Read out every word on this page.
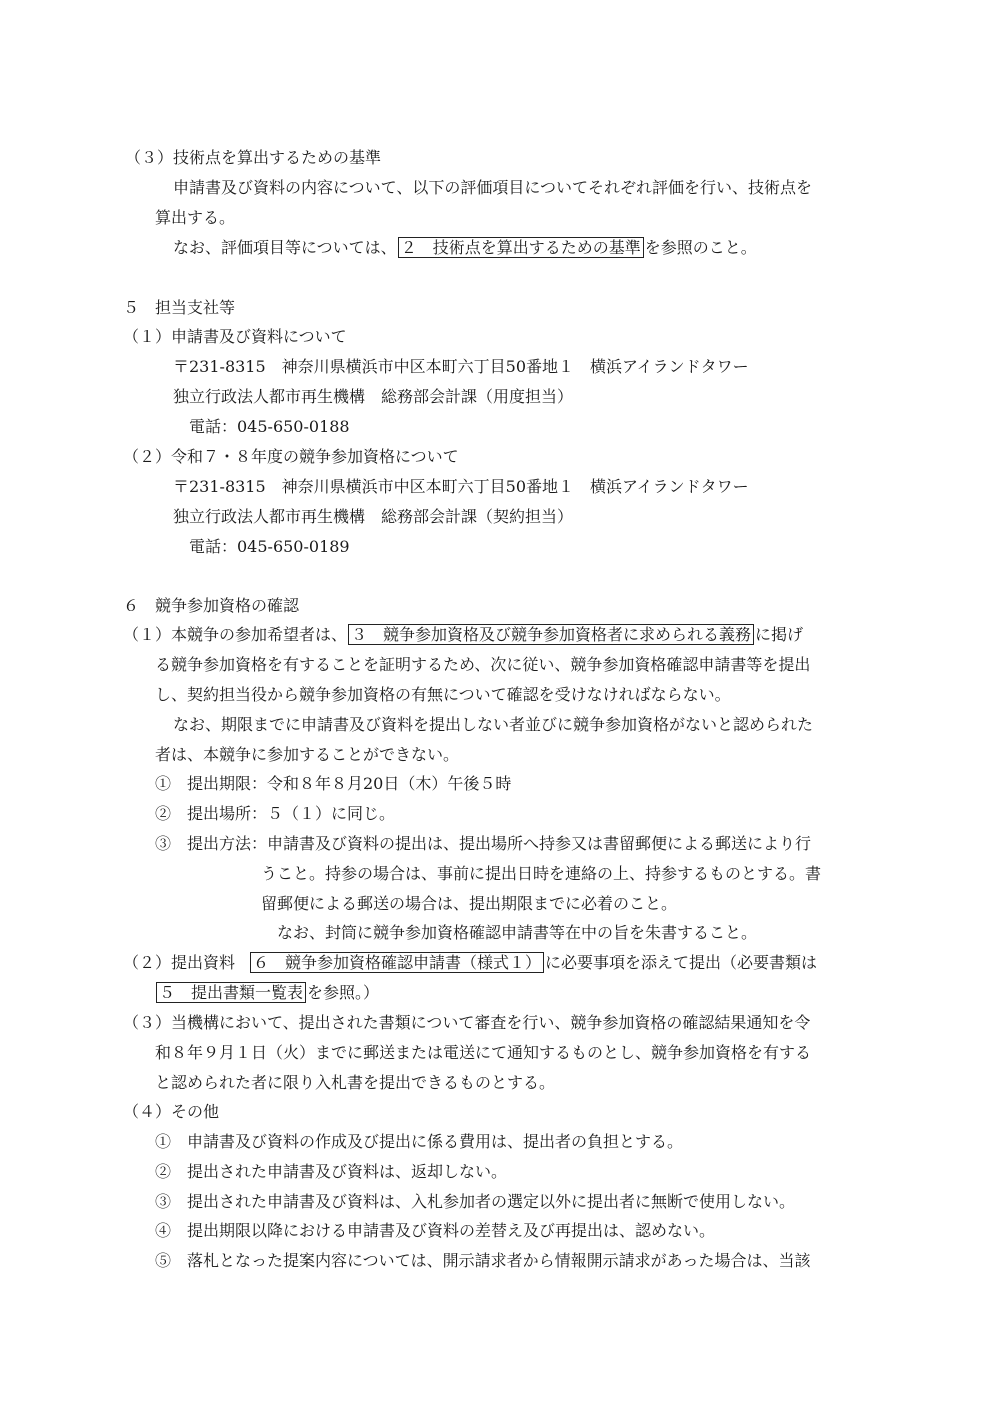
（３）技術点を算出するための基準
申請書及び資料の内容について、以下の評価項目についてそれぞれ評価を行い、技術点を
算出する。
なお、評価項目等については、 ２　技術点を算出するための基準 を参照のこと。
５　担当支社等
（１）申請書及び資料について
〒231-8315　神奈川県横浜市中区本町六丁目50番地１　横浜アイランドタワー
独立行政法人都市再生機構　総務部会計課（用度担当）
電話：045-650-0188
（２）令和７・８年度の競争参加資格について
〒231-8315　神奈川県横浜市中区本町六丁目50番地１　横浜アイランドタワー
独立行政法人都市再生機構　総務部会計課（契約担当）
電話：045-650-0189
６　競争参加資格の確認
（１）本競争の参加希望者は、 ３　競争参加資格及び競争参加資格者に求められる義務 に掲げ
る競争参加資格を有することを証明するため、次に従い、競争参加資格確認申請書等を提出
し、契約担当役から競争参加資格の有無について確認を受けなければならない。
なお、期限までに申請書及び資料を提出しない者並びに競争参加資格がないと認められた
者は、本競争に参加することができない。
①　提出期限：令和８年８月20日（木）午後５時
②　提出場所：５（１）に同じ。
③　提出方法：申請書及び資料の提出は、提出場所へ持参又は書留郵便による郵送により行
うこと。持参の場合は、事前に提出日時を連絡の上、持参するものとする。書
留郵便による郵送の場合は、提出期限までに必着のこと。
なお、封筒に競争参加資格確認申請書等在中の旨を朱書すること。
（２）提出資料 ６　競争参加資格確認申請書（様式１） に必要事項を添えて提出（必要書類は
５　提出書類一覧表 を参照。）
（３）当機構において、提出された書類について審査を行い、競争参加資格の確認結果通知を令
和８年９月１日（火）までに郵送または電送にて通知するものとし、競争参加資格を有する
と認められた者に限り入札書を提出できるものとする。
（４）その他
①　申請書及び資料の作成及び提出に係る費用は、提出者の負担とする。
②　提出された申請書及び資料は、返却しない。
③　提出された申請書及び資料は、入札参加者の選定以外に提出者に無断で使用しない。
④　提出期限以降における申請書及び資料の差替え及び再提出は、認めない。
⑤　落札となった提案内容については、開示請求者から情報開示請求があった場合は、当該
